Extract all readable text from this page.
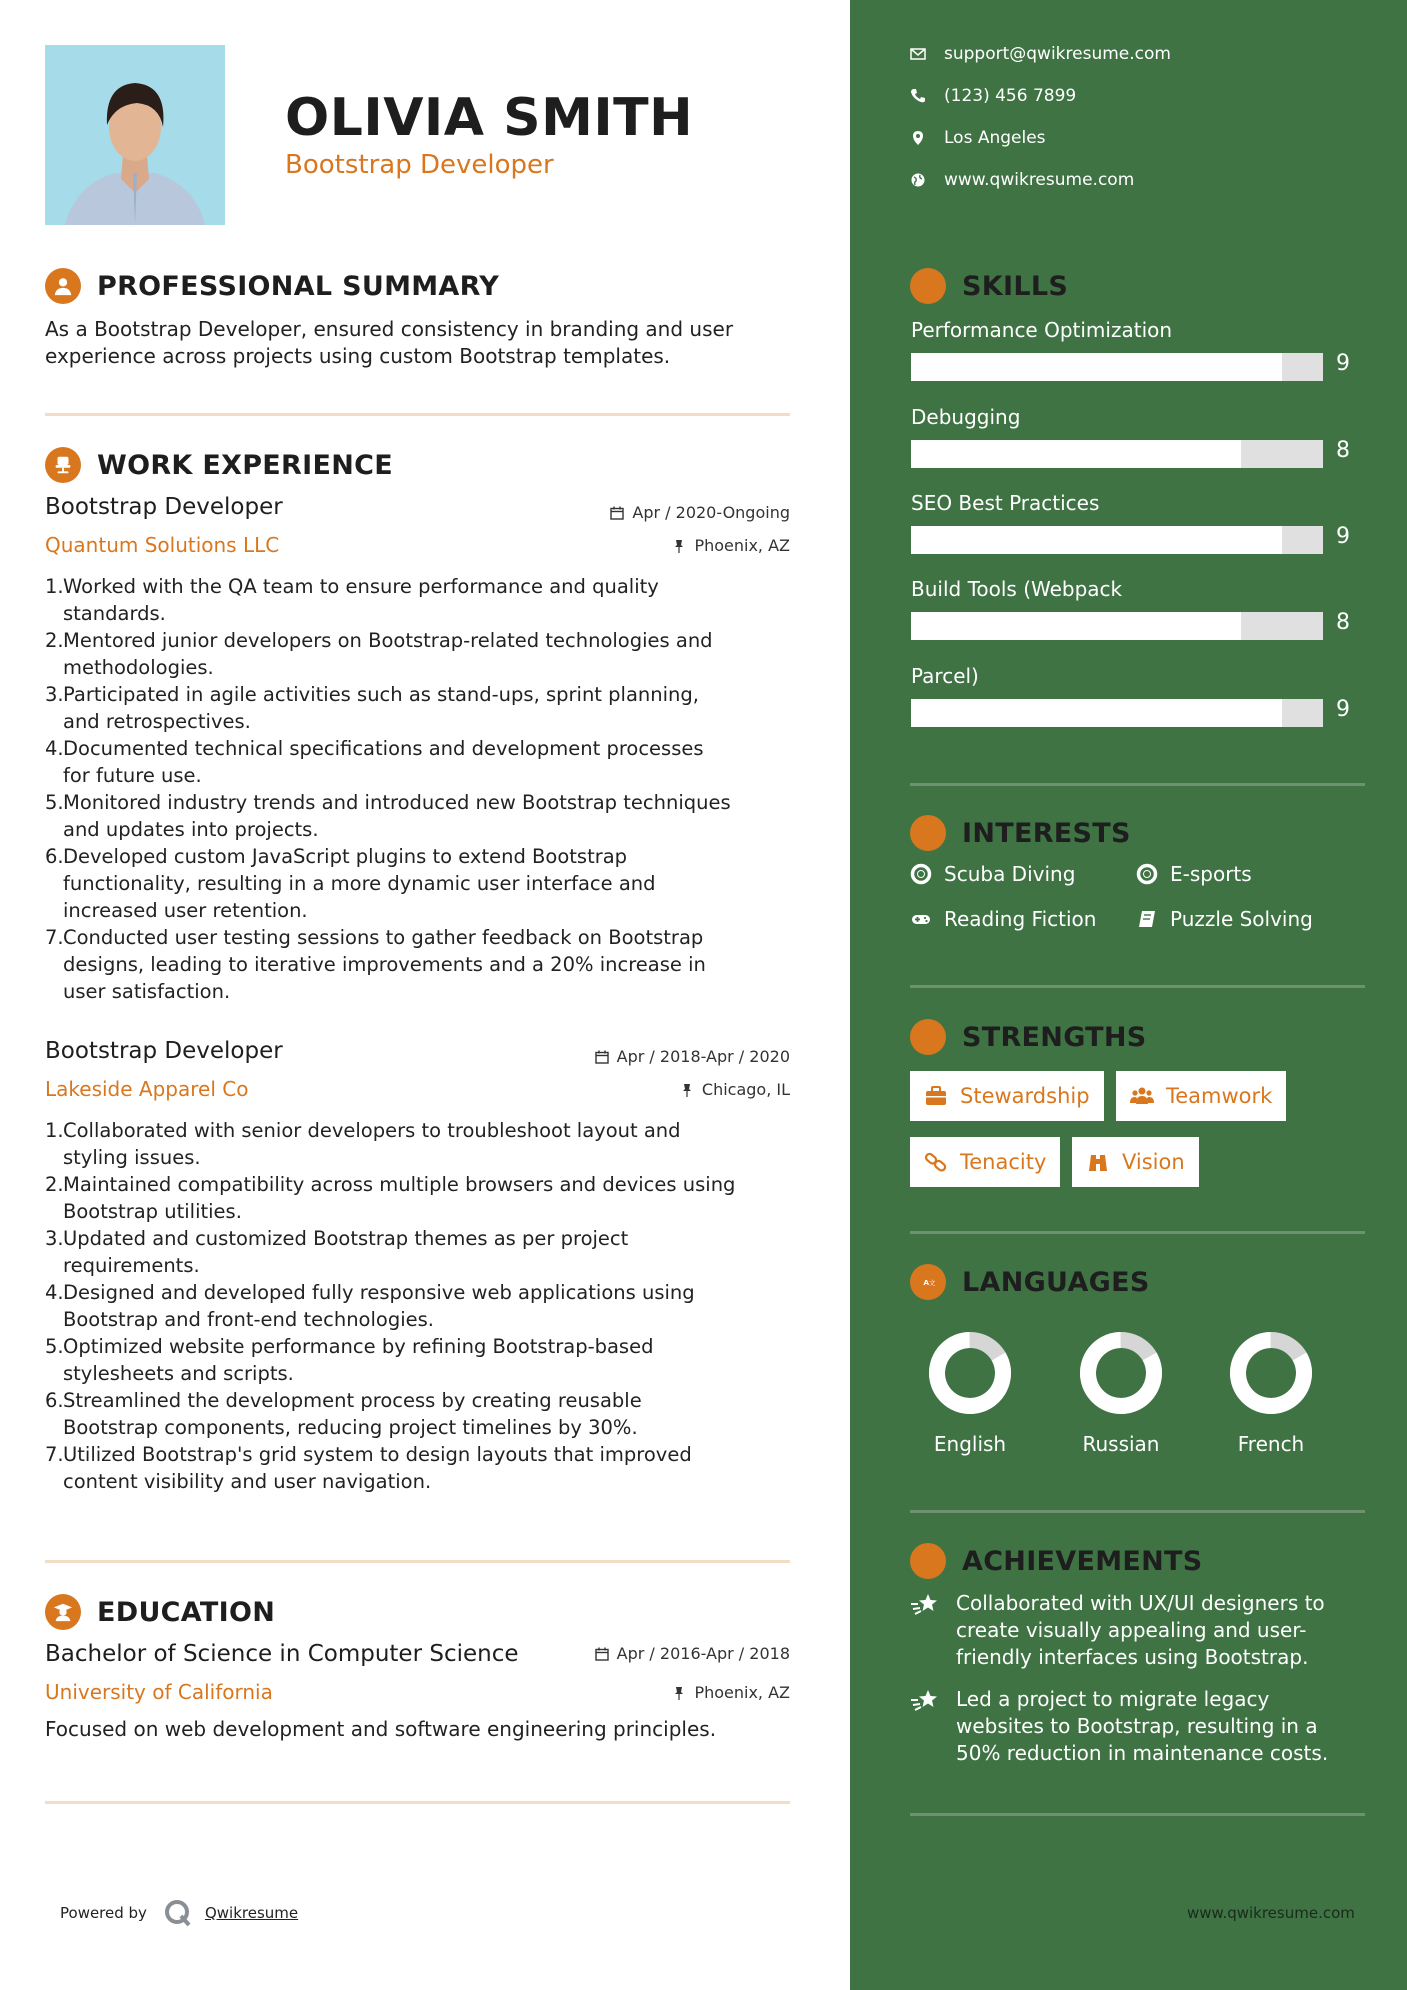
OLIVIA SMITH
Bootstrap Developer
PROFESSIONAL SUMMARY
As a Bootstrap Developer, ensured consistency in branding and user
experience across projects using custom Bootstrap templates.
WORK EXPERIENCE
Bootstrap Developer
Quantum Solutions LLC
Apr / 2020-Ongoing
Phoenix, AZ
1. Worked with the QA team to ensure performance and quality
standards.
2. Mentored junior developers on Bootstrap-related technologies and
methodologies.
3. Participated in agile activities such as stand-ups, sprint planning,
and retrospectives.
4. Documented technical specifications and development processes
for future use.
5. Monitored industry trends and introduced new Bootstrap techniques
and updates into projects.
6. Developed custom JavaScript plugins to extend Bootstrap
functionality, resulting in a more dynamic user interface and
increased user retention.
7. Conducted user testing sessions to gather feedback on Bootstrap
designs, leading to iterative improvements and a 20% increase in
user satisfaction.
Bootstrap Developer
Lakeside Apparel Co
Apr / 2018-Apr / 2020
Chicago, IL
1. Collaborated with senior developers to troubleshoot layout and
styling issues.
2. Maintained compatibility across multiple browsers and devices using
Bootstrap utilities.
3. Updated and customized Bootstrap themes as per project
requirements.
4. Designed and developed fully responsive web applications using
Bootstrap and front-end technologies.
5. Optimized website performance by refining Bootstrap-based
stylesheets and scripts.
6. Streamlined the development process by creating reusable
Bootstrap components, reducing project timelines by 30%.
7. Utilized Bootstrap's grid system to design layouts that improved
content visibility and user navigation.
EDUCATION
Bachelor of Science in Computer Science
University of California
Apr / 2016-Apr / 2018
Phoenix, AZ
Focused on web development and software engineering principles.
Powered by	Qwikresume
support@qwikresume.com
(123) 456 7899
Los Angeles
www.qwikresume.com
SKILLS
Performance Optimization
9
Debugging
8
SEO Best Practices
9
Build Tools (Webpack
8
Parcel)
9
INTERESTS
Scuba Diving	E-sports
Reading Fiction	Puzzle Solving
STRENGTHS
Stewardship	Teamwork
Tenacity	Vision
A 文 LANGUAGES
English	Russian	French
ACHIEVEMENTS
Collaborated with UX/UI designers to
create visually appealing and user-
friendly interfaces using Bootstrap.
Led a project to migrate legacy
websites to Bootstrap, resulting in a
50% reduction in maintenance costs.
www.qwikresume.com
